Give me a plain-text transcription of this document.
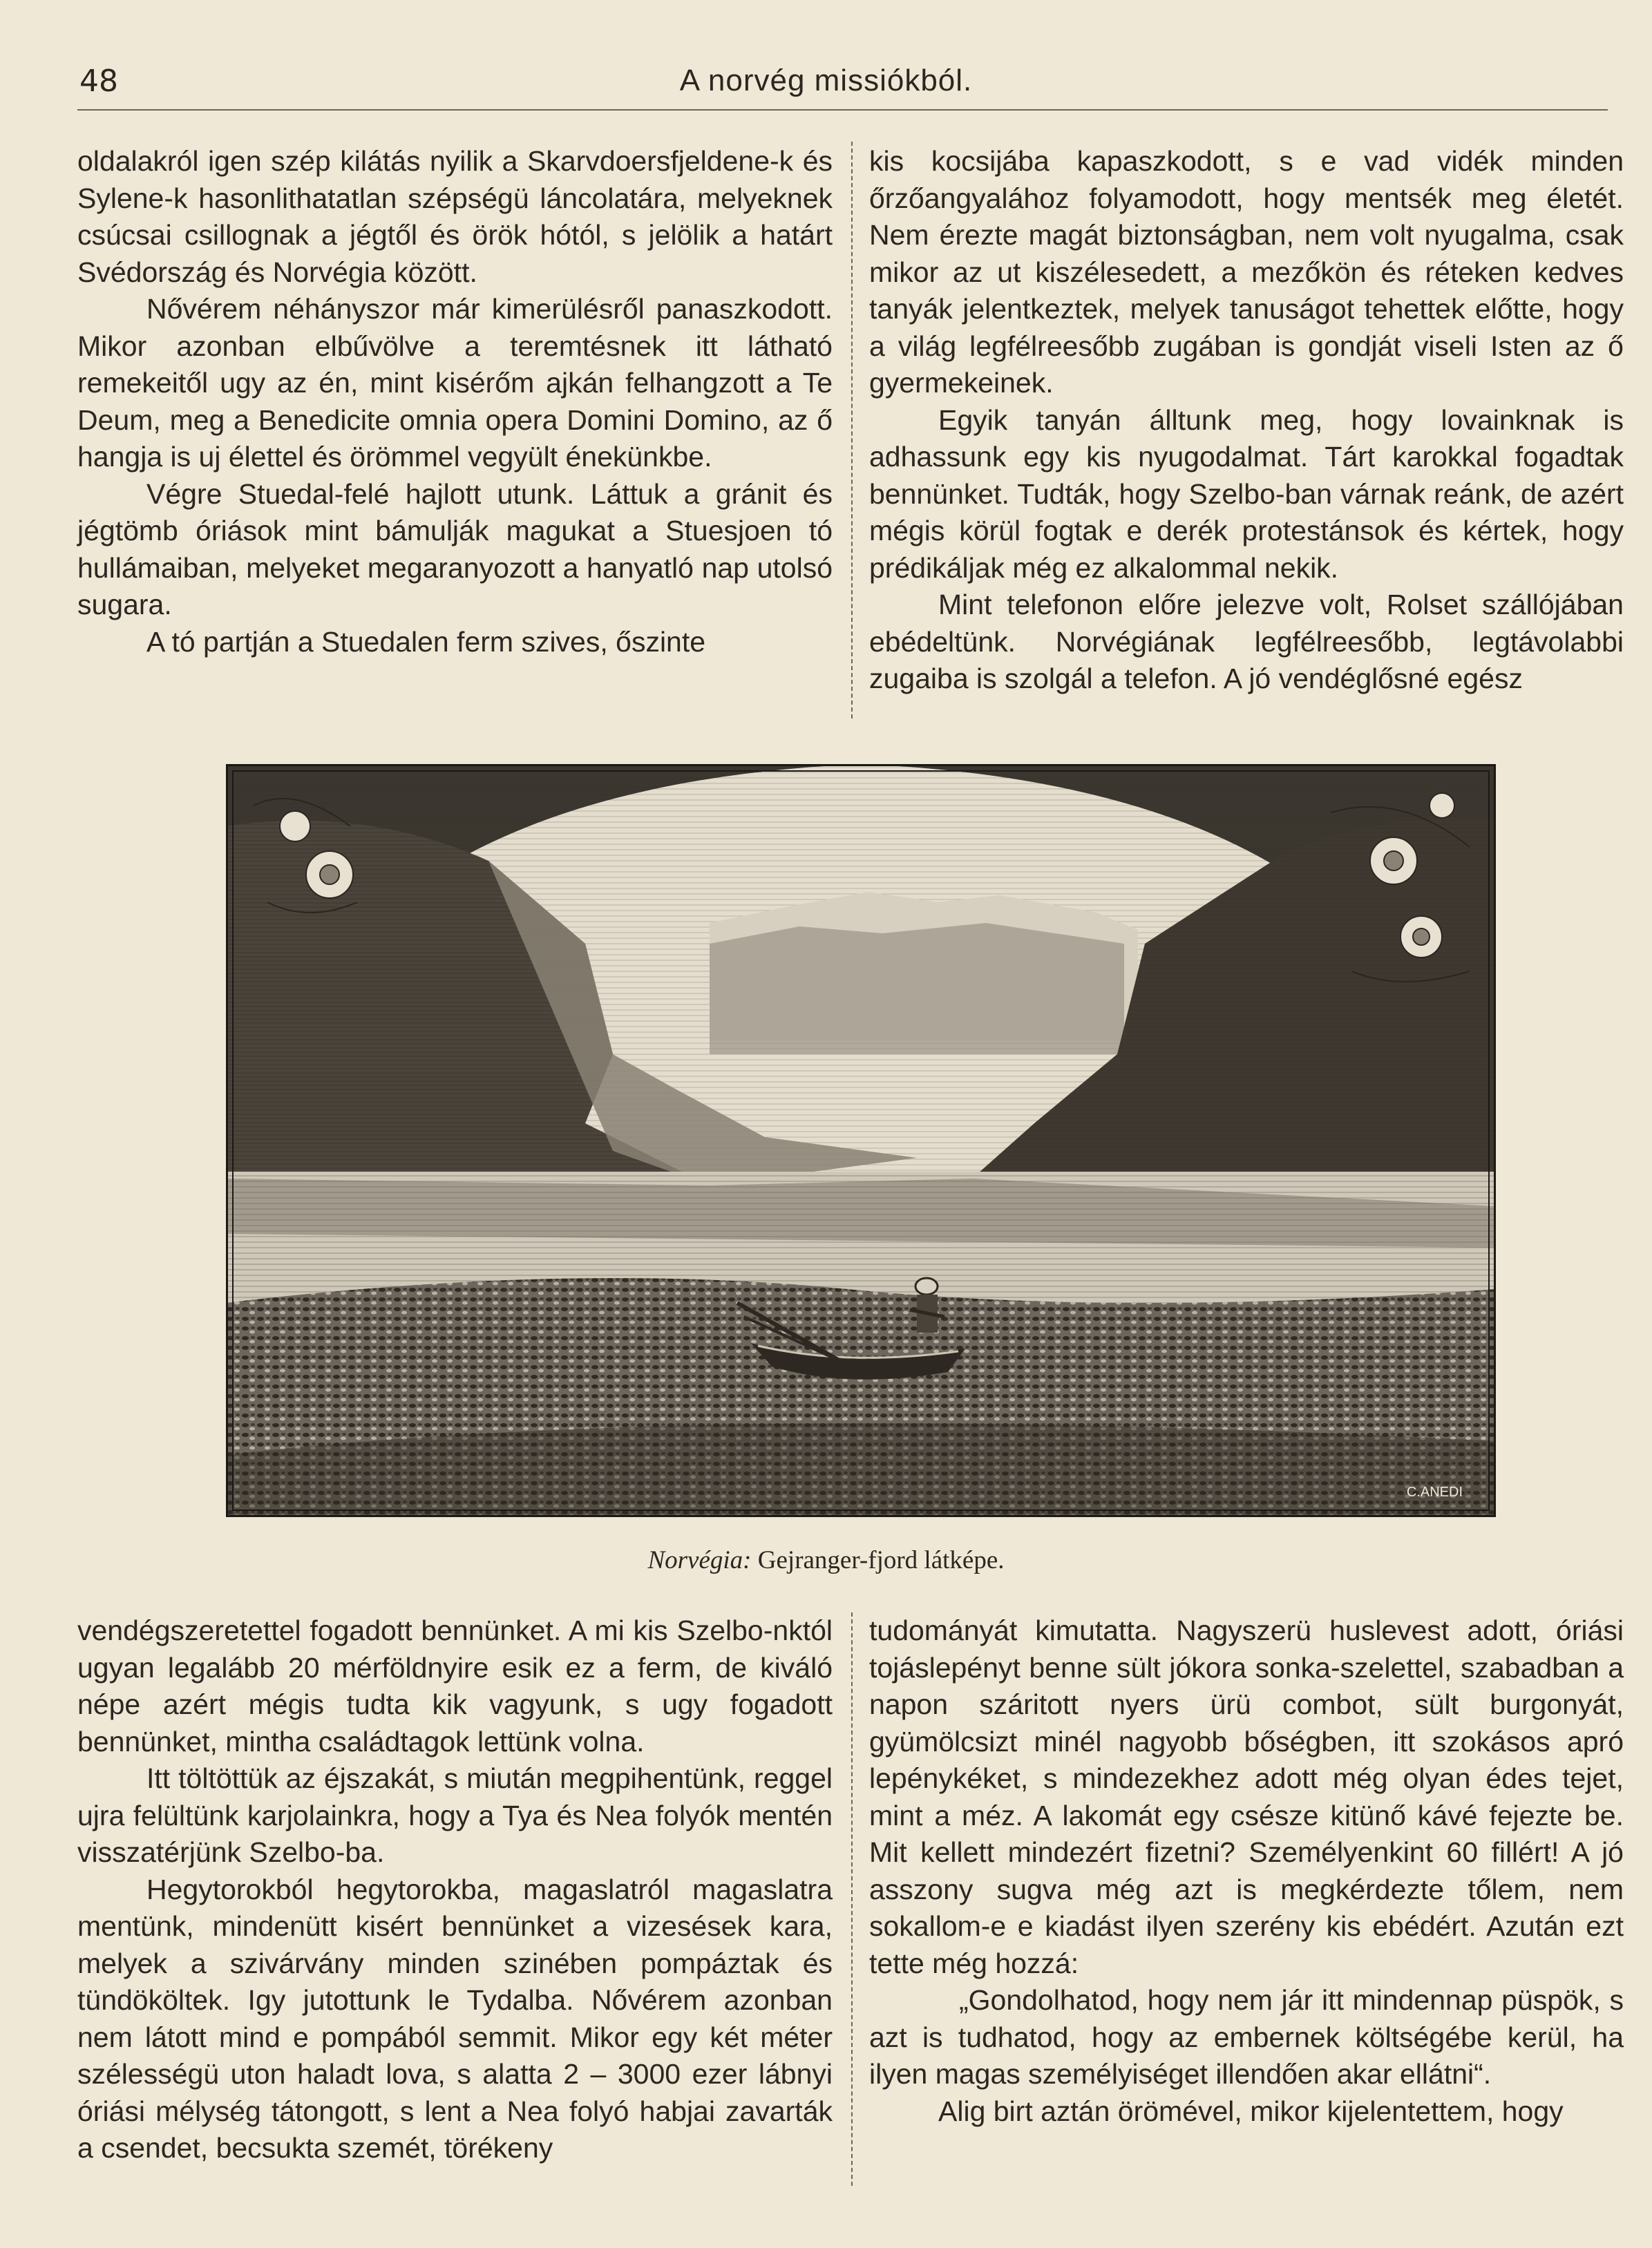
48	A norvég missiókból.

oldalakról igen szép kilátás nyilik a Skarvdoersfjeldene-k és Sylene-k hasonlithatatlan szépségü láncolatára, melyeknek csúcsai csillognak a jégtől és örök hótól, s jelölik a határt Svédország és Norvégia között.

Nővérem néhányszor már kimerülésről panaszkodott. Mikor azonban elbűvölve a teremtésnek itt látható remekeitől ugy az én, mint kisérőm ajkán felhangzott a Te Deum, meg a Benedicite omnia opera Domini Domino, az ő hangja is uj élettel és örömmel vegyült énekünkbe.

Végre Stuedal-felé hajlott utunk. Láttuk a gránit és jégtömb óriások mint bámulják magukat a Stuesjoen tó hullámaiban, melyeket megaranyozott a hanyatló nap utolsó sugara.

A tó partján a Stuedalen ferm szives, őszinte

kis kocsijába kapaszkodott, s e vad vidék minden őrzőangyalához folyamodott, hogy mentsék meg életét. Nem érezte magát biztonságban, nem volt nyugalma, csak mikor az ut kiszélesedett, a mezőkön és réteken kedves tanyák jelentkeztek, melyek tanuságot tehettek előtte, hogy a világ legfélreesőbb zugában is gondját viseli Isten az ő gyermekeinek.

Egyik tanyán álltunk meg, hogy lovainknak is adhassunk egy kis nyugodalmat. Tárt karokkal fogadtak bennünket. Tudták, hogy Szelbo-ban várnak reánk, de azért mégis körül fogtak e derék protestánsok és kértek, hogy prédikáljak még ez alkalommal nekik.

Mint telefonon előre jelezve volt, Rolset szállójában ebédeltünk. Norvégiának legfélreesőbb, legtávolabbi zugaiba is szolgál a telefon. A jó vendéglősné egész

C.ANEDI
Norvégia: Gejranger-fjord látképe.

vendégszeretettel fogadott bennünket. A mi kis Szelbo-nktól ugyan legalább 20 mérföldnyire esik ez a ferm, de kiváló népe azért mégis tudta kik vagyunk, s ugy fogadott bennünket, mintha családtagok lettünk volna.

Itt töltöttük az éjszakát, s miután megpihentünk, reggel ujra felültünk karjolainkra, hogy a Tya és Nea folyók mentén visszatérjünk Szelbo-ba.

Hegytorokból hegytorokba, magaslatról magaslatra mentünk, mindenütt kisért bennünket a vizesések kara, melyek a szivárvány minden szinében pompáztak és tündököltek. Igy jutottunk le Tydalba. Nővérem azonban nem látott mind e pompából semmit. Mikor egy két méter szélességü uton haladt lova, s alatta 2 – 3000 ezer lábnyi óriási mélység tátongott, s lent a Nea folyó habjai zavarták a csendet, becsukta szemét, törékeny

tudományát kimutatta. Nagyszerü huslevest adott, óriási tojáslepényt benne sült jókora sonka-szelettel, szabadban a napon száritott nyers ürü combot, sült burgonyát, gyümölcsizt minél nagyobb bőségben, itt szokásos apró lepénykéket, s mindezekhez adott még olyan édes tejet, mint a méz. A lakomát egy csésze kitünő kávé fejezte be. Mit kellett mindezért fizetni? Személyenkint 60 fillért! A jó asszony sugva még azt is megkérdezte tőlem, nem sokallom-e e kiadást ilyen szerény kis ebédért. Azután ezt tette még hozzá:

„Gondolhatod, hogy nem jár itt mindennap püspök, s azt is tudhatod, hogy az embernek költségébe kerül, ha ilyen magas személyiséget illendően akar ellátni“.

Alig birt aztán örömével, mikor kijelentettem, hogy
